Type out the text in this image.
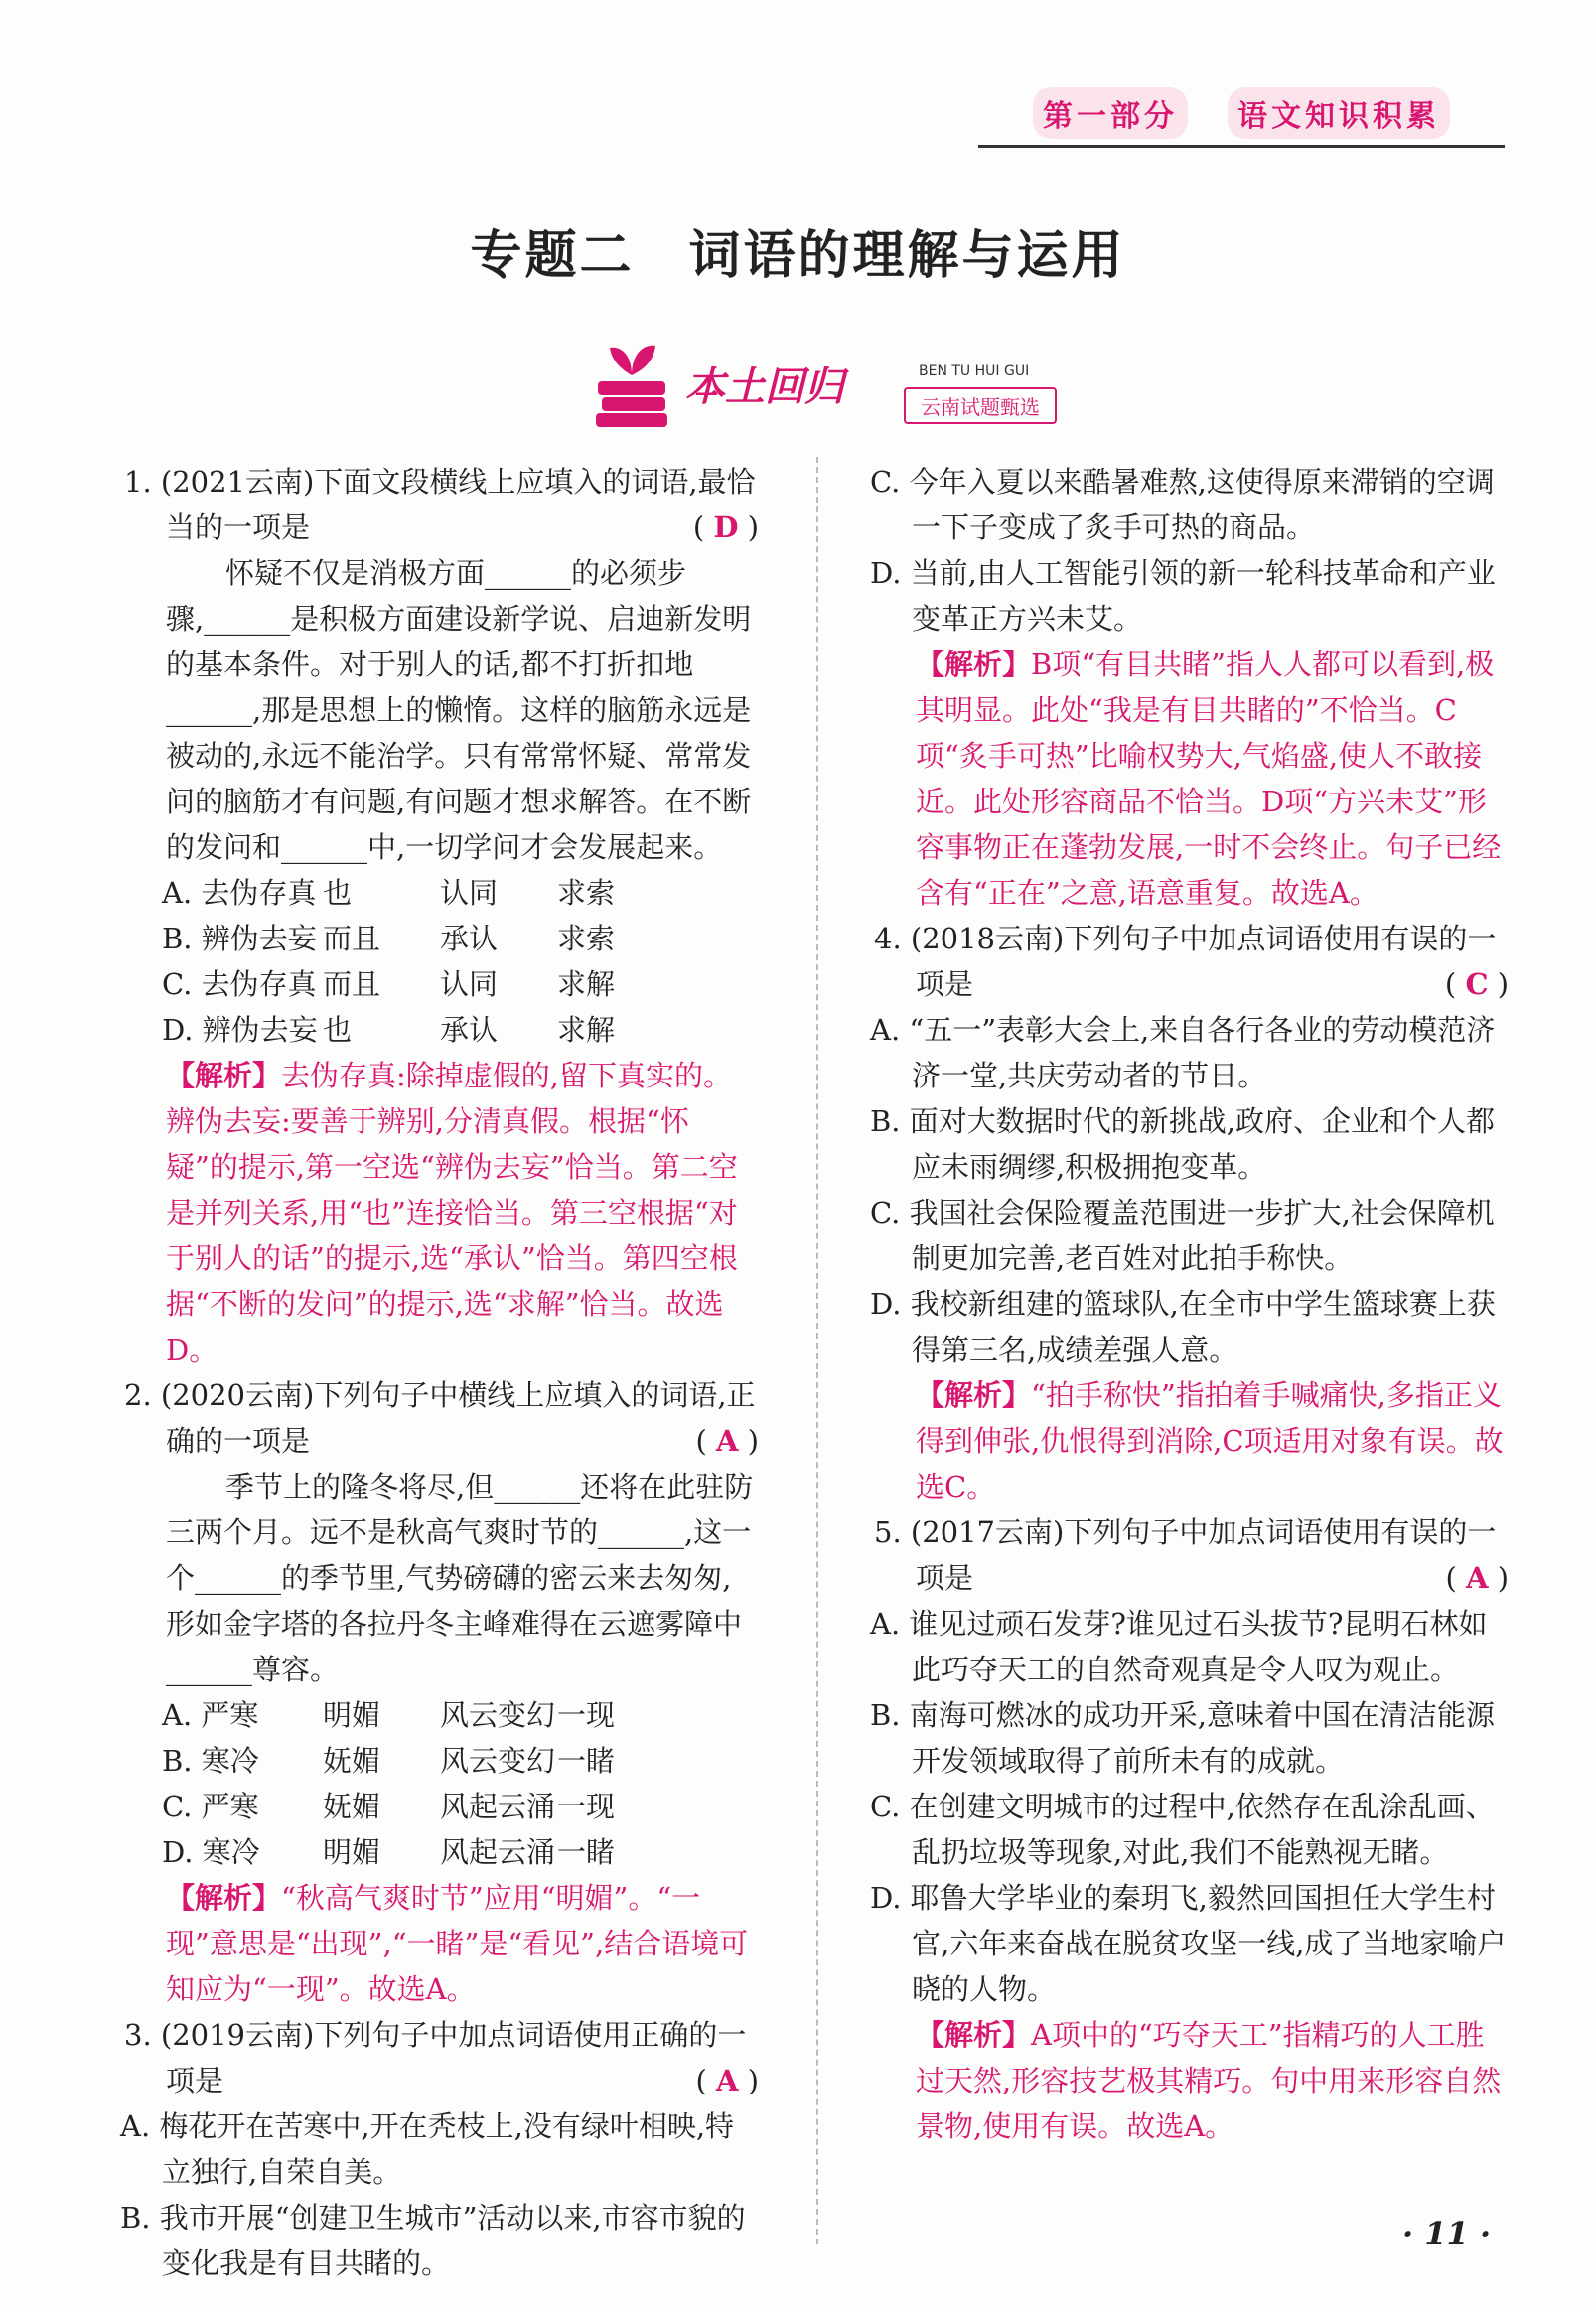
第一部分	语文知识积累
专题二　词语的理解与运用
本土回归	BEN TU HUI GUI
云南试题甄选

1. (2021云南)下面文段横线上应填入的词语,最恰当的一项是	( D )

怀疑不仅是消极方面______的必须步骤,______是积极方面建设新学说、启迪新发明的基本条件。对于别人的话,都不打折扣地______,那是思想上的懒惰。这样的脑筋永远是被动的,永远不能治学。只有常常怀疑、常常发问的脑筋才有问题,有问题才想求解答。在不断的发问和______中,一切学问才会发展起来。

A. 去伪存真 也	认同	求索

B. 辨伪去妄 而且	承认	求索

C. 去伪存真 而且	认同	求解

D. 辨伪去妄 也	承认	求解

【解析】去伪存真:除掉虚假的,留下真实的。辨伪去妄:要善于辨别,分清真假。根据“怀疑”的提示,第一空选“辨伪去妄”恰当。第二空是并列关系,用“也”连接恰当。第三空根据“对于别人的话”的提示,选“承认”恰当。第四空根据“不断的发问”的提示,选“求解”恰当。故选D。

2. (2020云南)下列句子中横线上应填入的词语,正确的一项是	( A )

季节上的隆冬将尽,但______还将在此驻防三两个月。远不是秋高气爽时节的______,这一个______的季节里,气势磅礴的密云来去匆匆,形如金字塔的各拉丹冬主峰难得在云遮雾障中______尊容。

A. 严寒	明媚	风云变幻 一现

B. 寒冷	妩媚	风云变幻 一睹

C. 严寒	妩媚	风起云涌 一现

D. 寒冷	明媚	风起云涌 一睹

【解析】“秋高气爽时节”应用“明媚”。“一现”意思是“出现”,“一睹”是“看见”,结合语境可知应为“一现”。故选A。

3. (2019云南)下列句子中加点词语使用正确的一项是	( A )

A. 梅花开在苦寒中,开在秃枝上,没有绿叶相映,特立独行,自荣自美。

B. 我市开展“创建卫生城市”活动以来,市容市貌的变化我是有目共睹的。

C. 今年入夏以来酷暑难熬,这使得原来滞销的空调一下子变成了炙手可热的商品。

D. 当前,由人工智能引领的新一轮科技革命和产业变革正方兴未艾。

【解析】B项“有目共睹”指人人都可以看到,极其明显。此处“我是有目共睹的”不恰当。C项“炙手可热”比喻权势大,气焰盛,使人不敢接近。此处形容商品不恰当。D项“方兴未艾”形容事物正在蓬勃发展,一时不会终止。句子已经含有“正在”之意,语意重复。故选A。

4. (2018云南)下列句子中加点词语使用有误的一项是	( C )

A. “五一”表彰大会上,来自各行各业的劳动模范济济一堂,共庆劳动者的节日。

B. 面对大数据时代的新挑战,政府、企业和个人都应未雨绸缪,积极拥抱变革。

C. 我国社会保险覆盖范围进一步扩大,社会保障机制更加完善,老百姓对此拍手称快。

D. 我校新组建的篮球队,在全市中学生篮球赛上获得第三名,成绩差强人意。

【解析】“拍手称快”指拍着手喊痛快,多指正义得到伸张,仇恨得到消除,C项适用对象有误。故选C。

5. (2017云南)下列句子中加点词语使用有误的一项是	( A )

A. 谁见过顽石发芽?谁见过石头拔节?昆明石林如此巧夺天工的自然奇观真是令人叹为观止。

B. 南海可燃冰的成功开采,意味着中国在清洁能源开发领域取得了前所未有的成就。

C. 在创建文明城市的过程中,依然存在乱涂乱画、乱扔垃圾等现象,对此,我们不能熟视无睹。

D. 耶鲁大学毕业的秦玥飞,毅然回国担任大学生村官,六年来奋战在脱贫攻坚一线,成了当地家喻户晓的人物。

【解析】A项中的“巧夺天工”指精巧的人工胜过天然,形容技艺极其精巧。句中用来形容自然景物,使用有误。故选A。

· 11 ·
